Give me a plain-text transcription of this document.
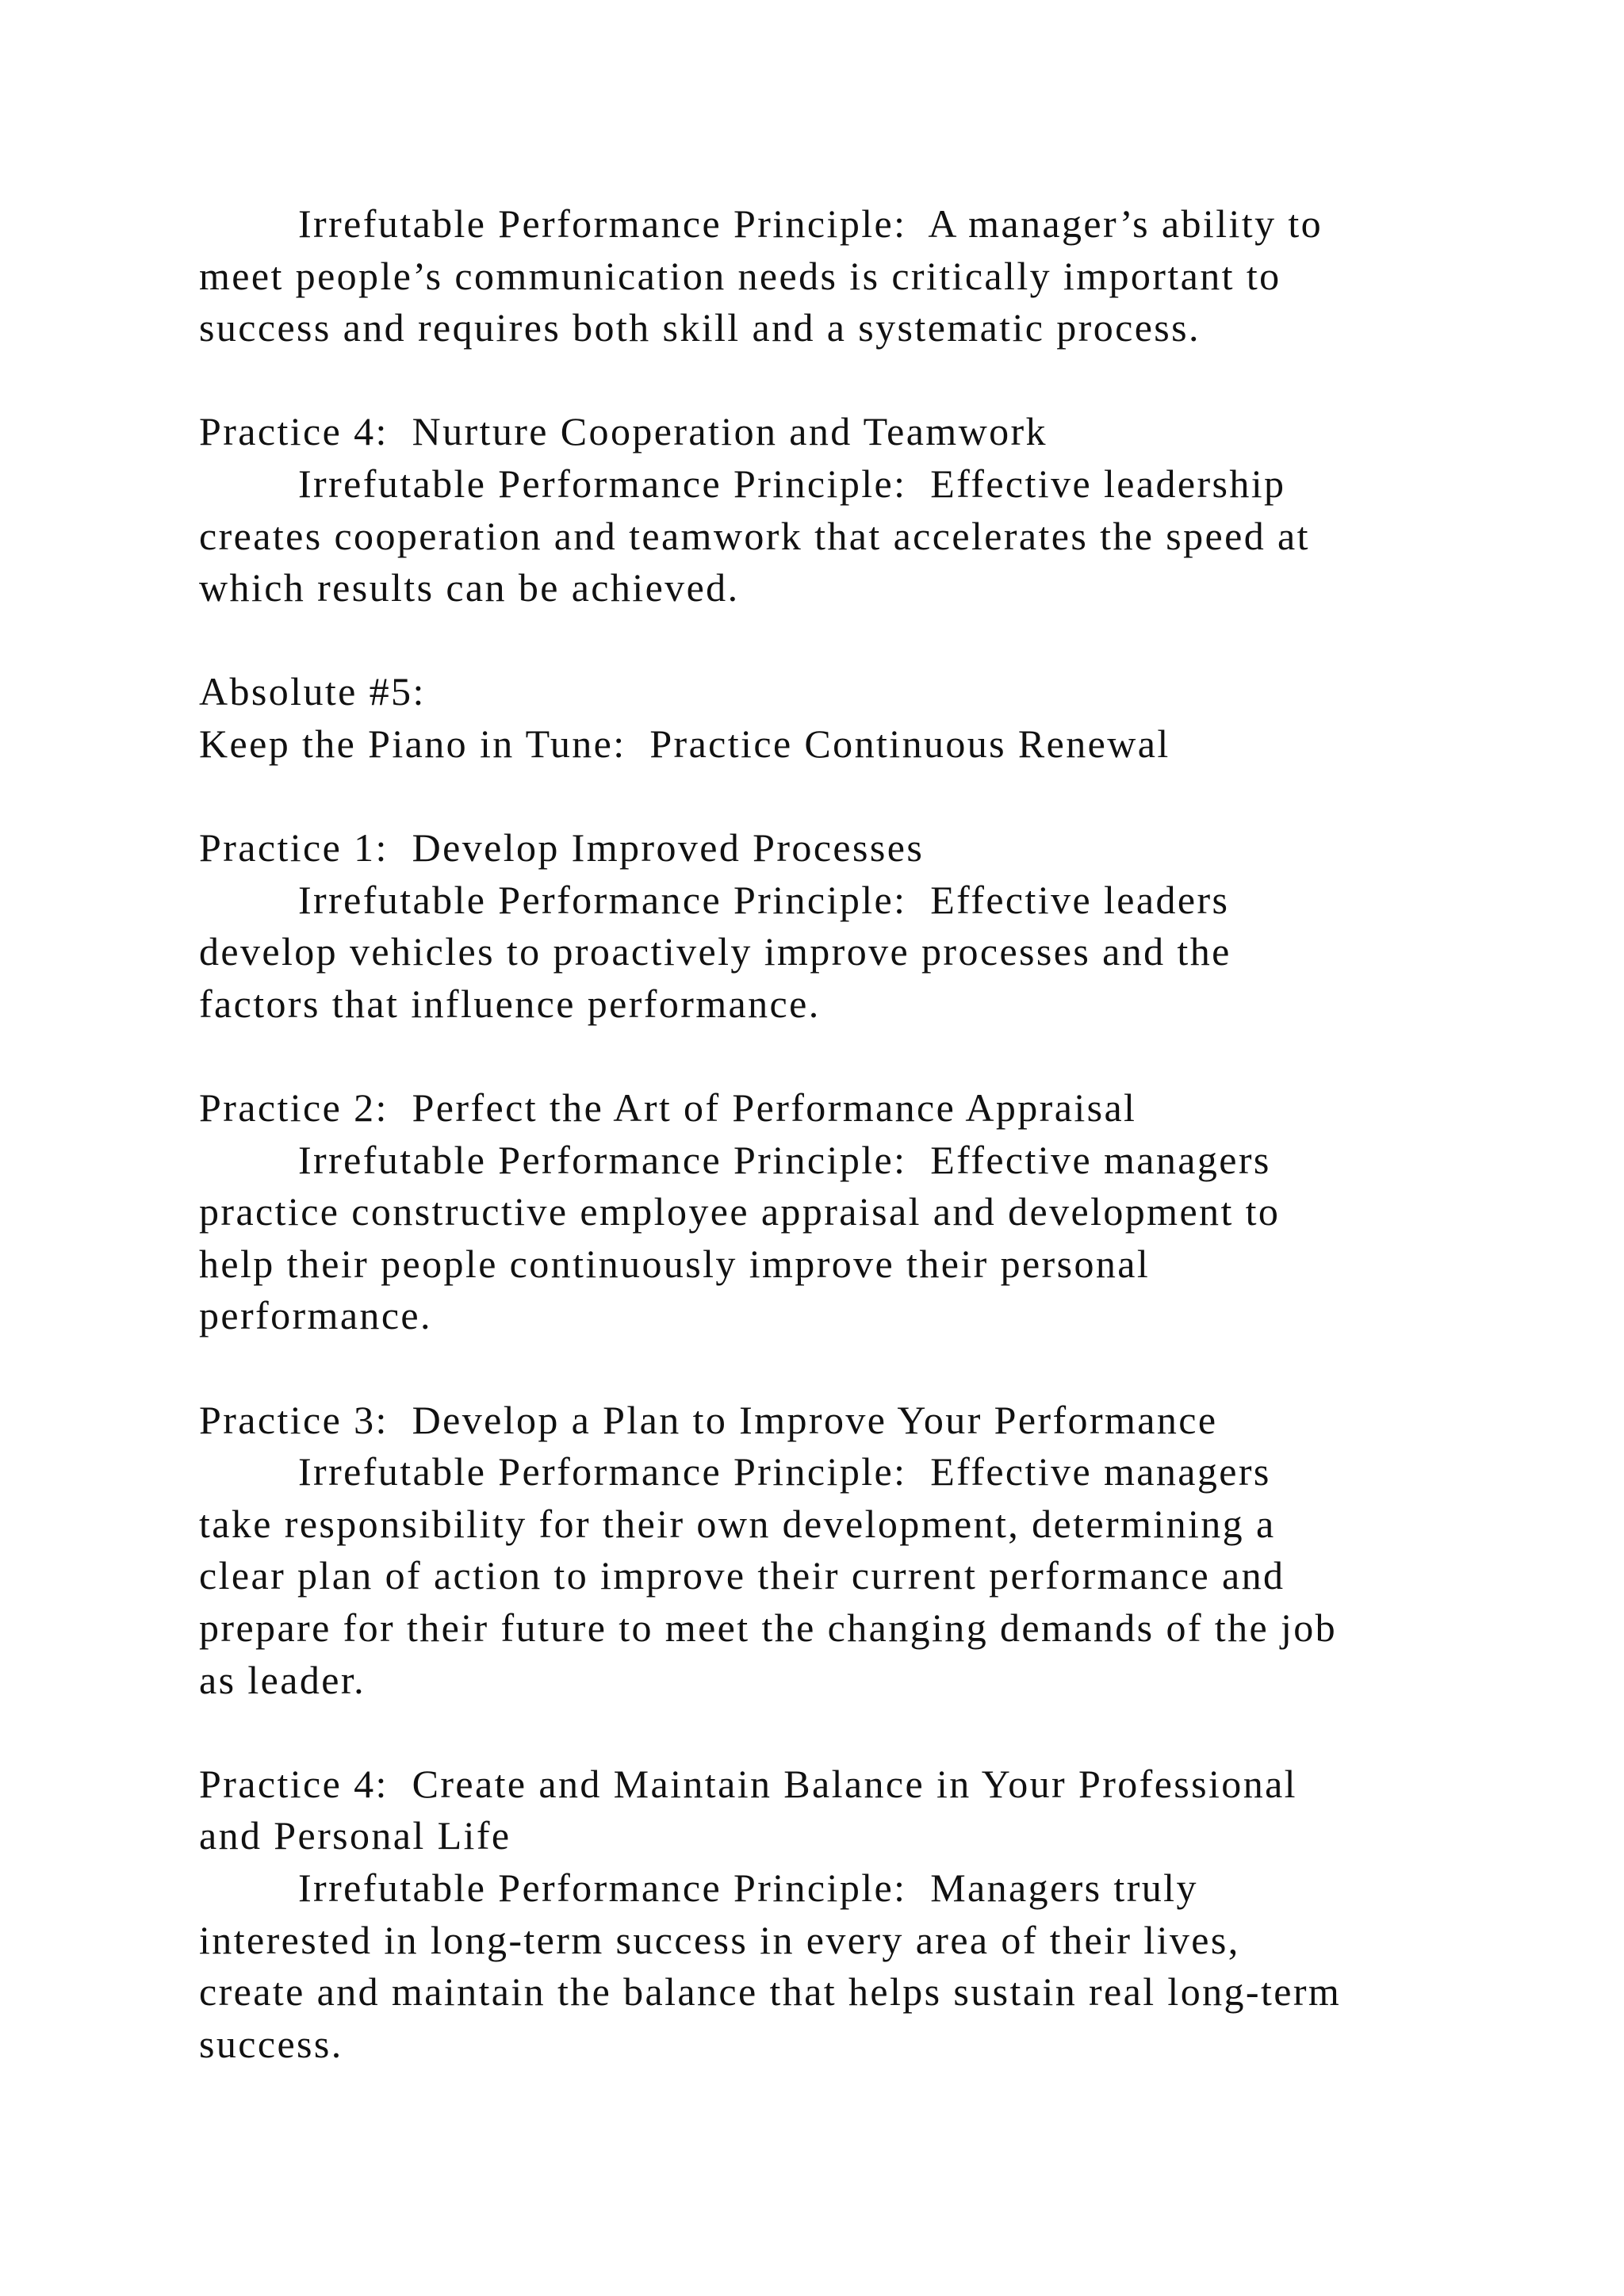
Irrefutable Performance Principle:  A manager’s ability to
meet people’s communication needs is critically important to
success and requires both skill and a systematic process.
Practice 4:  Nurture Cooperation and Teamwork
Irrefutable Performance Principle:  Effective leadership
creates cooperation and teamwork that accelerates the speed at
which results can be achieved.
Absolute #5:
Keep the Piano in Tune:  Practice Continuous Renewal
Practice 1:  Develop Improved Processes
Irrefutable Performance Principle:  Effective leaders
develop vehicles to proactively improve processes and the
factors that influence performance.
Practice 2:  Perfect the Art of Performance Appraisal
Irrefutable Performance Principle:  Effective managers
practice constructive employee appraisal and development to
help their people continuously improve their personal
performance.
Practice 3:  Develop a Plan to Improve Your Performance
Irrefutable Performance Principle:  Effective managers
take responsibility for their own development, determining a
clear plan of action to improve their current performance and
prepare for their future to meet the changing demands of the job
as leader.
Practice 4:  Create and Maintain Balance in Your Professional
and Personal Life
Irrefutable Performance Principle:  Managers truly
interested in long-term success in every area of their lives,
create and maintain the balance that helps sustain real long-term
success.
